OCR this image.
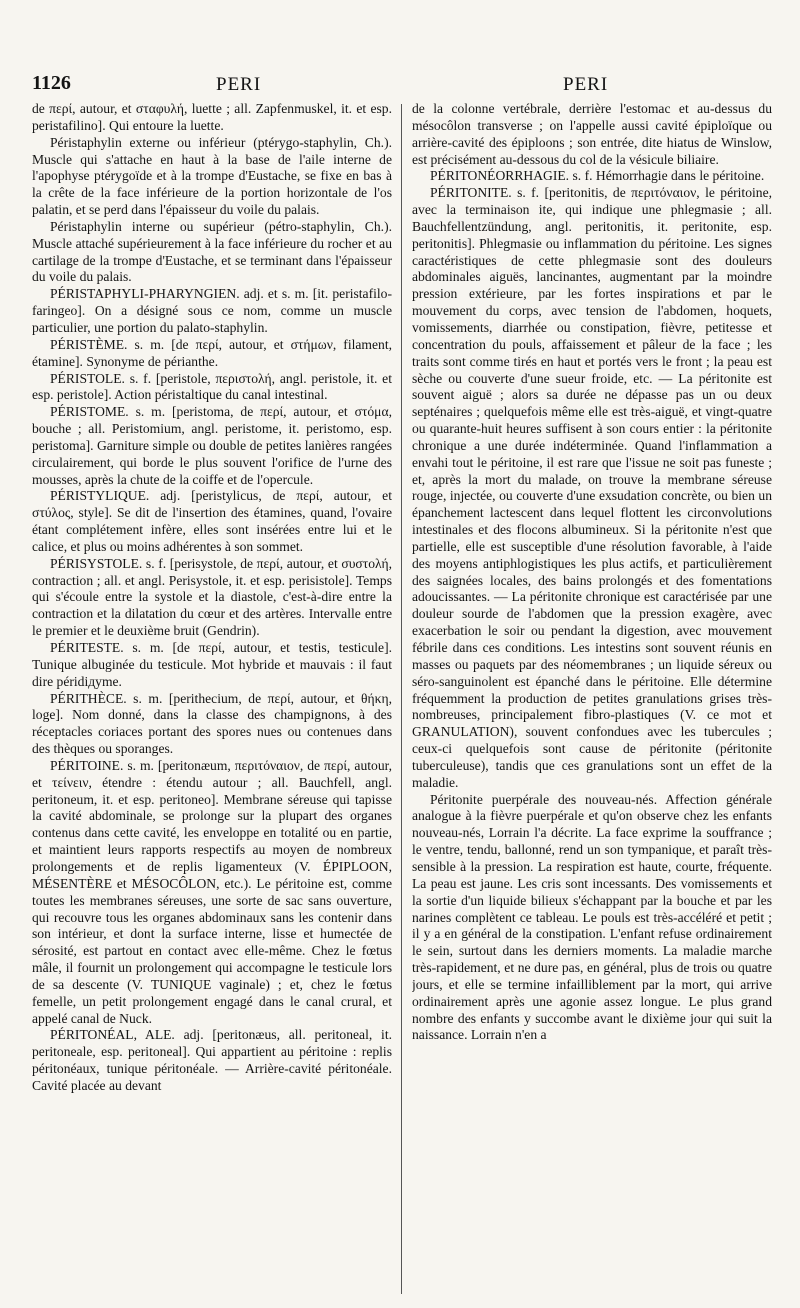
1126	PERI	PERI

de περί, autour, et σταφυλή, luette ; all. Zapfenmuskel, it. et esp. peristafilino]. Qui entoure la luette.

Péristaphylin externe ou inférieur (ptérygo-staphylin, Ch.). Muscle qui s'attache en haut à la base de l'aile interne de l'apophyse ptérygoïde et à la trompe d'Eustache, se fixe en bas à la crête de la face inférieure de la portion horizontale de l'os palatin, et se perd dans l'épaisseur du voile du palais.

Péristaphylin interne ou supérieur (pétro-staphylin, Ch.). Muscle attaché supérieurement à la face inférieure du rocher et au cartilage de la trompe d'Eustache, et se terminant dans l'épaisseur du voile du palais.

PÉRISTAPHYLI-PHARYNGIEN. adj. et s. m. [it. peristafilo-faringeo]. On a désigné sous ce nom, comme un muscle particulier, une portion du palato-staphylin.

PÉRISTÈME. s. m. [de περί, autour, et στήμων, filament, étamine]. Synonyme de périanthe.

PÉRISTOLE. s. f. [peristole, περιστολή, angl. peristole, it. et esp. peristole]. Action péristaltique du canal intestinal.

PÉRISTOME. s. m. [peristoma, de περί, autour, et στόμα, bouche ; all. Peristomium, angl. peristome, it. peristomo, esp. peristoma]. Garniture simple ou double de petites lanières rangées circulairement, qui borde le plus souvent l'orifice de l'urne des mousses, après la chute de la coiffe et de l'opercule.

PÉRISTYLIQUE. adj. [peristylicus, de περί, autour, et στύλος, style]. Se dit de l'insertion des étamines, quand, l'ovaire étant complétement infère, elles sont insérées entre lui et le calice, et plus ou moins adhérentes à son sommet.

PÉRISYSTOLE. s. f. [perisystole, de περί, autour, et συστολή, contraction ; all. et angl. Perisystole, it. et esp. perisistole]. Temps qui s'écoule entre la systole et la diastole, c'est-à-dire entre la contraction et la dilatation du cœur et des artères. Intervalle entre le premier et le deuxième bruit (Gendrin).

PÉRITESTE. s. m. [de περί, autour, et testis, testicule]. Tunique albuginée du testicule. Mot hybride et mauvais : il faut dire péridiдуme.

PÉRITHÈCE. s. m. [perithecium, de περί, autour, et θήκη, loge]. Nom donné, dans la classe des champignons, à des réceptacles coriaces portant des spores nues ou contenues dans des thèques ou sporanges.

PÉRITOINE. s. m. [peritonæum, περιτόναιον, de περί, autour, et τείνειν, étendre : étendu autour ; all. Bauchfell, angl. peritoneum, it. et esp. peritoneo]. Membrane séreuse qui tapisse la cavité abdominale, se prolonge sur la plupart des organes contenus dans cette cavité, les enveloppe en totalité ou en partie, et maintient leurs rapports respectifs au moyen de nombreux prolongements et de replis ligamenteux (V. ÉPIPLOON, MÉSENTÈRE et MÉSOCÔLON, etc.). Le péritoine est, comme toutes les membranes séreuses, une sorte de sac sans ouverture, qui recouvre tous les organes abdominaux sans les contenir dans son intérieur, et dont la surface interne, lisse et humectée de sérosité, est partout en contact avec elle-même. Chez le fœtus mâle, il fournit un prolongement qui accompagne le testicule lors de sa descente (V. TUNIQUE vaginale) ; et, chez le fœtus femelle, un petit prolongement engagé dans le canal crural, et appelé canal de Nuck.

PÉRITONÉAL, ALE. adj. [peritonæus, all. peritoneal, it. peritoneale, esp. peritoneal]. Qui appartient au péritoine : replis péritonéaux, tunique péritonéale. — Arrière-cavité péritonéale. Cavité placée au devant

de la colonne vertébrale, derrière l'estomac et au-dessus du mésocôlon transverse ; on l'appelle aussi cavité épiploïque ou arrière-cavité des épiploons ; son entrée, dite hiatus de Winslow, est précisément au-dessous du col de la vésicule biliaire.

PÉRITONÉORRHAGIE. s. f. Hémorrhagie dans le péritoine.

PÉRITONITE. s. f. [peritonitis, de περιτόναιον, le péritoine, avec la terminaison ite, qui indique une phlegmasie ; all. Bauchfellentzündung, angl. peritonitis, it. peritonite, esp. peritonitis]. Phlegmasie ou inflammation du péritoine. Les signes caractéristiques de cette phlegmasie sont des douleurs abdominales aiguës, lancinantes, augmentant par la moindre pression extérieure, par les fortes inspirations et par le mouvement du corps, avec tension de l'abdomen, hoquets, vomissements, diarrhée ou constipation, fièvre, petitesse et concentration du pouls, affaissement et pâleur de la face ; les traits sont comme tirés en haut et portés vers le front ; la peau est sèche ou couverte d'une sueur froide, etc. — La péritonite est souvent aiguë ; alors sa durée ne dépasse pas un ou deux septénaires ; quelquefois même elle est très-aiguë, et vingt-quatre ou quarante-huit heures suffisent à son cours entier : la péritonite chronique a une durée indéterminée. Quand l'inflammation a envahi tout le péritoine, il est rare que l'issue ne soit pas funeste ; et, après la mort du malade, on trouve la membrane séreuse rouge, injectée, ou couverte d'une exsudation concrète, ou bien un épanchement lactescent dans lequel flottent les circonvolutions intestinales et des flocons albumineux. Si la péritonite n'est que partielle, elle est susceptible d'une résolution favorable, à l'aide des moyens antiphlogistiques les plus actifs, et particulièrement des saignées locales, des bains prolongés et des fomentations adoucissantes. — La péritonite chronique est caractérisée par une douleur sourde de l'abdomen que la pression exagère, avec exacerbation le soir ou pendant la digestion, avec mouvement fébrile dans ces conditions. Les intestins sont souvent réunis en masses ou paquets par des néomembranes ; un liquide séreux ou séro-sanguinolent est épanché dans le péritoine. Elle détermine fréquemment la production de petites granulations grises très-nombreuses, principalement fibro-plastiques (V. ce mot et GRANULATION), souvent confondues avec les tubercules ; ceux-ci quelquefois sont cause de péritonite (péritonite tuberculeuse), tandis que ces granulations sont un effet de la maladie.

Péritonite puerpérale des nouveau-nés. Affection générale analogue à la fièvre puerpérale et qu'on observe chez les enfants nouveau-nés, Lorrain l'a décrite. La face exprime la souffrance ; le ventre, tendu, ballonné, rend un son tympanique, et paraît très-sensible à la pression. La respiration est haute, courte, fréquente. La peau est jaune. Les cris sont incessants. Des vomissements et la sortie d'un liquide bilieux s'échappant par la bouche et par les narines complètent ce tableau. Le pouls est très-accéléré et petit ; il y a en général de la constipation. L'enfant refuse ordinairement le sein, surtout dans les derniers moments. La maladie marche très-rapidement, et ne dure pas, en général, plus de trois ou quatre jours, et elle se termine infailliblement par la mort, qui arrive ordinairement après une agonie assez longue. Le plus grand nombre des enfants y succombe avant le dixième jour qui suit la naissance. Lorrain n'en a
